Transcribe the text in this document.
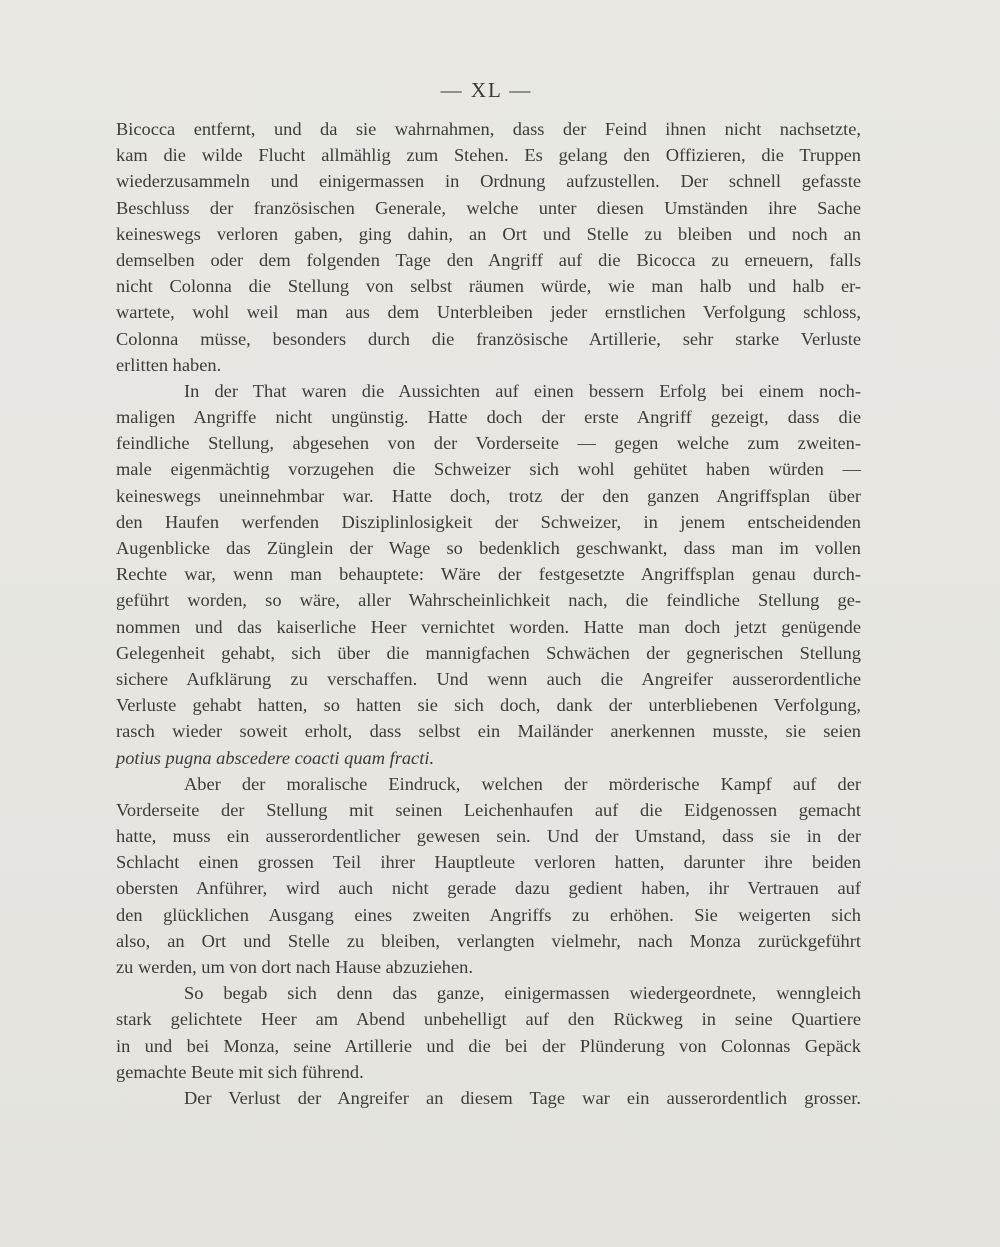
— XL —
Bicocca entfernt, und da sie wahrnahmen, dass der Feind ihnen nicht nachsetzte,
kam die wilde Flucht allmählig zum Stehen. Es gelang den Offizieren, die Truppen
wiederzusammeln und einigermassen in Ordnung aufzustellen. Der schnell gefasste
Beschluss der französischen Generale, welche unter diesen Umständen ihre Sache
keineswegs verloren gaben, ging dahin, an Ort und Stelle zu bleiben und noch an
demselben oder dem folgenden Tage den Angriff auf die Bicocca zu erneuern, falls
nicht Colonna die Stellung von selbst räumen würde, wie man halb und halb er-
wartete, wohl weil man aus dem Unterbleiben jeder ernstlichen Verfolgung schloss,
Colonna müsse, besonders durch die französische Artillerie, sehr starke Verluste
erlitten haben.
In der That waren die Aussichten auf einen bessern Erfolg bei einem noch-
maligen Angriffe nicht ungünstig. Hatte doch der erste Angriff gezeigt, dass die
feindliche Stellung, abgesehen von der Vorderseite — gegen welche zum zweiten-
male eigenmächtig vorzugehen die Schweizer sich wohl gehütet haben würden —
keineswegs uneinnehmbar war. Hatte doch, trotz der den ganzen Angriffsplan über
den Haufen werfenden Disziplinlosigkeit der Schweizer, in jenem entscheidenden
Augenblicke das Zünglein der Wage so bedenklich geschwankt, dass man im vollen
Rechte war, wenn man behauptete: Wäre der festgesetzte Angriffsplan genau durch-
geführt worden, so wäre, aller Wahrscheinlichkeit nach, die feindliche Stellung ge-
nommen und das kaiserliche Heer vernichtet worden. Hatte man doch jetzt genügende
Gelegenheit gehabt, sich über die mannigfachen Schwächen der gegnerischen Stellung
sichere Aufklärung zu verschaffen. Und wenn auch die Angreifer ausserordentliche
Verluste gehabt hatten, so hatten sie sich doch, dank der unterbliebenen Verfolgung,
rasch wieder soweit erholt, dass selbst ein Mailänder anerkennen musste, sie seien
potius pugna abscedere coacti quam fracti.
Aber der moralische Eindruck, welchen der mörderische Kampf auf der
Vorderseite der Stellung mit seinen Leichenhaufen auf die Eidgenossen gemacht
hatte, muss ein ausserordentlicher gewesen sein. Und der Umstand, dass sie in der
Schlacht einen grossen Teil ihrer Hauptleute verloren hatten, darunter ihre beiden
obersten Anführer, wird auch nicht gerade dazu gedient haben, ihr Vertrauen auf
den glücklichen Ausgang eines zweiten Angriffs zu erhöhen. Sie weigerten sich
also, an Ort und Stelle zu bleiben, verlangten vielmehr, nach Monza zurückgeführt
zu werden, um von dort nach Hause abzuziehen.
So begab sich denn das ganze, einigermassen wiedergeordnete, wenngleich
stark gelichtete Heer am Abend unbehelligt auf den Rückweg in seine Quartiere
in und bei Monza, seine Artillerie und die bei der Plünderung von Colonnas Gepäck
gemachte Beute mit sich führend.
Der Verlust der Angreifer an diesem Tage war ein ausserordentlich grosser.
